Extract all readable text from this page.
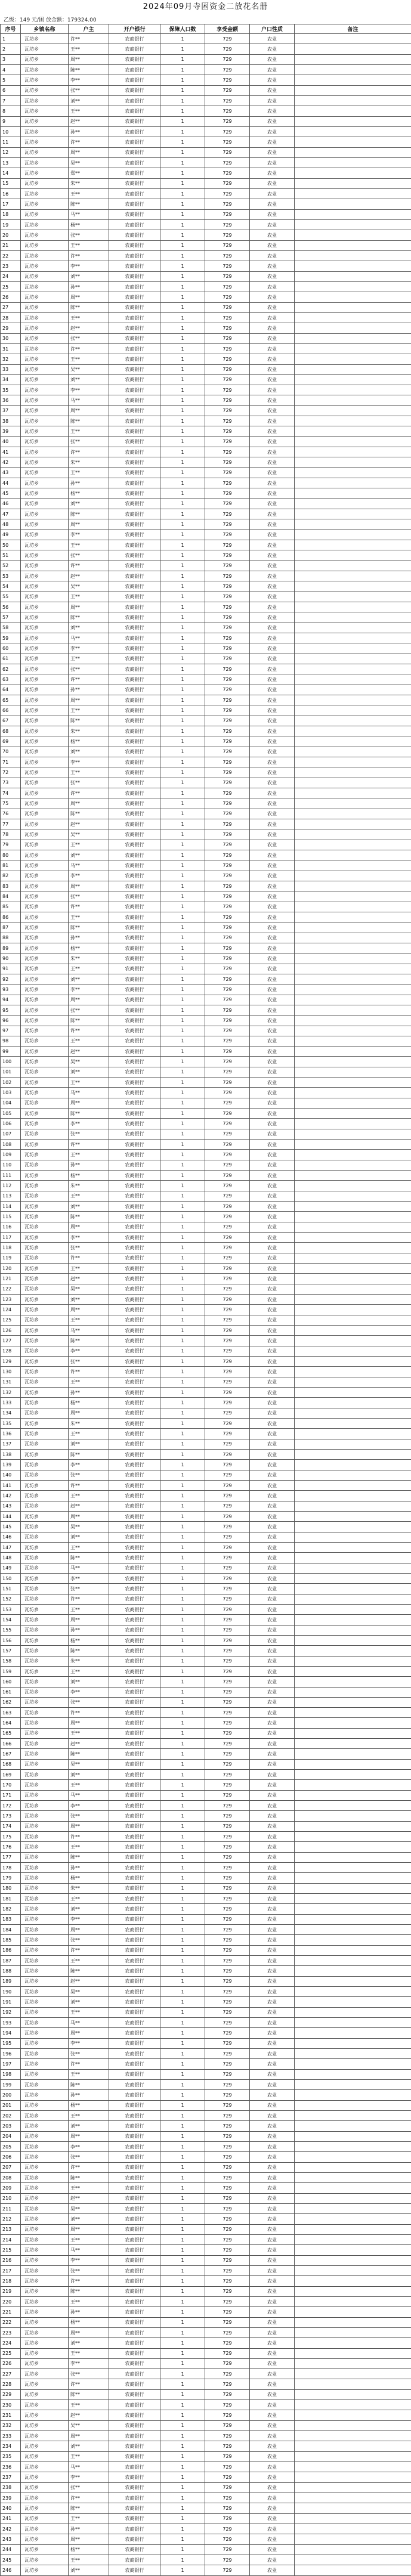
2024年09月寺困资金二放花名册
乙级：149 元/困 放金额：179324.00
序号	乡镇名称	户主	开户银行	保障人口数	享受金额	户口性质	备注
1	瓦坊乡	许**	农商银行	1	729	农业	
2	瓦坊乡	王**	农商银行	1	729	农业	
3	瓦坊乡	周**	农商银行	1	729	农业	
4	瓦坊乡	陈**	农商银行	1	729	农业	
5	瓦坊乡	李**	农商银行	1	729	农业	
6	瓦坊乡	张**	农商银行	1	729	农业	
7	瓦坊乡	刘**	农商银行	1	729	农业	
8	瓦坊乡	王**	农商银行	1	729	农业	
9	瓦坊乡	赵**	农商银行	1	729	农业	
10	瓦坊乡	孙**	农商银行	1	729	农业	
11	瓦坊乡	许**	农商银行	1	729	农业	
12	瓦坊乡	周**	农商银行	1	729	农业	
13	瓦坊乡	吴**	农商银行	1	729	农业	
14	瓦坊乡	郑**	农商银行	1	729	农业	
15	瓦坊乡	朱**	农商银行	1	729	农业	
16	瓦坊乡	王**	农商银行	1	729	农业	
17	瓦坊乡	陈**	农商银行	1	729	农业	
18	瓦坊乡	马**	农商银行	1	729	农业	
19	瓦坊乡	杨**	农商银行	1	729	农业	
20	瓦坊乡	张**	农商银行	1	729	农业	
21	瓦坊乡	王**	农商银行	1	729	农业	
22	瓦坊乡	许**	农商银行	1	729	农业	
23	瓦坊乡	李**	农商银行	1	729	农业	
24	瓦坊乡	刘**	农商银行	1	729	农业	
25	瓦坊乡	孙**	农商银行	1	729	农业	
26	瓦坊乡	周**	农商银行	1	729	农业	
27	瓦坊乡	陈**	农商银行	1	729	农业	
28	瓦坊乡	王**	农商银行	1	729	农业	
29	瓦坊乡	赵**	农商银行	1	729	农业	
30	瓦坊乡	张**	农商银行	1	729	农业	
31	瓦坊乡	许**	农商银行	1	729	农业	
32	瓦坊乡	王**	农商银行	1	729	农业	
33	瓦坊乡	吴**	农商银行	1	729	农业	
34	瓦坊乡	刘**	农商银行	1	729	农业	
35	瓦坊乡	李**	农商银行	1	729	农业	
36	瓦坊乡	马**	农商银行	1	729	农业	
37	瓦坊乡	周**	农商银行	1	729	农业	
38	瓦坊乡	陈**	农商银行	1	729	农业	
39	瓦坊乡	王**	农商银行	1	729	农业	
40	瓦坊乡	张**	农商银行	1	729	农业	
41	瓦坊乡	许**	农商银行	1	729	农业	
42	瓦坊乡	朱**	农商银行	1	729	农业	
43	瓦坊乡	王**	农商银行	1	729	农业	
44	瓦坊乡	孙**	农商银行	1	729	农业	
45	瓦坊乡	杨**	农商银行	1	729	农业	
46	瓦坊乡	刘**	农商银行	1	729	农业	
47	瓦坊乡	陈**	农商银行	1	729	农业	
48	瓦坊乡	周**	农商银行	1	729	农业	
49	瓦坊乡	李**	农商银行	1	729	农业	
50	瓦坊乡	王**	农商银行	1	729	农业	
51	瓦坊乡	张**	农商银行	1	729	农业	
52	瓦坊乡	许**	农商银行	1	729	农业	
53	瓦坊乡	赵**	农商银行	1	729	农业	
54	瓦坊乡	吴**	农商银行	1	729	农业	
55	瓦坊乡	王**	农商银行	1	729	农业	
56	瓦坊乡	周**	农商银行	1	729	农业	
57	瓦坊乡	陈**	农商银行	1	729	农业	
58	瓦坊乡	刘**	农商银行	1	729	农业	
59	瓦坊乡	马**	农商银行	1	729	农业	
60	瓦坊乡	李**	农商银行	1	729	农业	
61	瓦坊乡	王**	农商银行	1	729	农业	
62	瓦坊乡	张**	农商银行	1	729	农业	
63	瓦坊乡	许**	农商银行	1	729	农业	
64	瓦坊乡	孙**	农商银行	1	729	农业	
65	瓦坊乡	周**	农商银行	1	729	农业	
66	瓦坊乡	王**	农商银行	1	729	农业	
67	瓦坊乡	陈**	农商银行	1	729	农业	
68	瓦坊乡	朱**	农商银行	1	729	农业	
69	瓦坊乡	杨**	农商银行	1	729	农业	
70	瓦坊乡	刘**	农商银行	1	729	农业	
71	瓦坊乡	李**	农商银行	1	729	农业	
72	瓦坊乡	王**	农商银行	1	729	农业	
73	瓦坊乡	张**	农商银行	1	729	农业	
74	瓦坊乡	许**	农商银行	1	729	农业	
75	瓦坊乡	周**	农商银行	1	729	农业	
76	瓦坊乡	陈**	农商银行	1	729	农业	
77	瓦坊乡	赵**	农商银行	1	729	农业	
78	瓦坊乡	吴**	农商银行	1	729	农业	
79	瓦坊乡	王**	农商银行	1	729	农业	
80	瓦坊乡	刘**	农商银行	1	729	农业	
81	瓦坊乡	马**	农商银行	1	729	农业	
82	瓦坊乡	李**	农商银行	1	729	农业	
83	瓦坊乡	周**	农商银行	1	729	农业	
84	瓦坊乡	张**	农商银行	1	729	农业	
85	瓦坊乡	许**	农商银行	1	729	农业	
86	瓦坊乡	王**	农商银行	1	729	农业	
87	瓦坊乡	陈**	农商银行	1	729	农业	
88	瓦坊乡	孙**	农商银行	1	729	农业	
89	瓦坊乡	杨**	农商银行	1	729	农业	
90	瓦坊乡	朱**	农商银行	1	729	农业	
91	瓦坊乡	王**	农商银行	1	729	农业	
92	瓦坊乡	刘**	农商银行	1	729	农业	
93	瓦坊乡	李**	农商银行	1	729	农业	
94	瓦坊乡	周**	农商银行	1	729	农业	
95	瓦坊乡	张**	农商银行	1	729	农业	
96	瓦坊乡	陈**	农商银行	1	729	农业	
97	瓦坊乡	许**	农商银行	1	729	农业	
98	瓦坊乡	王**	农商银行	1	729	农业	
99	瓦坊乡	赵**	农商银行	1	729	农业	
100	瓦坊乡	吴**	农商银行	1	729	农业	
101	瓦坊乡	刘**	农商银行	1	729	农业	
102	瓦坊乡	王**	农商银行	1	729	农业	
103	瓦坊乡	马**	农商银行	1	729	农业	
104	瓦坊乡	周**	农商银行	1	729	农业	
105	瓦坊乡	陈**	农商银行	1	729	农业	
106	瓦坊乡	李**	农商银行	1	729	农业	
107	瓦坊乡	张**	农商银行	1	729	农业	
108	瓦坊乡	许**	农商银行	1	729	农业	
109	瓦坊乡	王**	农商银行	1	729	农业	
110	瓦坊乡	孙**	农商银行	1	729	农业	
111	瓦坊乡	杨**	农商银行	1	729	农业	
112	瓦坊乡	朱**	农商银行	1	729	农业	
113	瓦坊乡	王**	农商银行	1	729	农业	
114	瓦坊乡	刘**	农商银行	1	729	农业	
115	瓦坊乡	陈**	农商银行	1	729	农业	
116	瓦坊乡	周**	农商银行	1	729	农业	
117	瓦坊乡	李**	农商银行	1	729	农业	
118	瓦坊乡	张**	农商银行	1	729	农业	
119	瓦坊乡	许**	农商银行	1	729	农业	
120	瓦坊乡	王**	农商银行	1	729	农业	
121	瓦坊乡	赵**	农商银行	1	729	农业	
122	瓦坊乡	吴**	农商银行	1	729	农业	
123	瓦坊乡	刘**	农商银行	1	729	农业	
124	瓦坊乡	周**	农商银行	1	729	农业	
125	瓦坊乡	王**	农商银行	1	729	农业	
126	瓦坊乡	马**	农商银行	1	729	农业	
127	瓦坊乡	陈**	农商银行	1	729	农业	
128	瓦坊乡	李**	农商银行	1	729	农业	
129	瓦坊乡	张**	农商银行	1	729	农业	
130	瓦坊乡	许**	农商银行	1	729	农业	
131	瓦坊乡	王**	农商银行	1	729	农业	
132	瓦坊乡	孙**	农商银行	1	729	农业	
133	瓦坊乡	杨**	农商银行	1	729	农业	
134	瓦坊乡	周**	农商银行	1	729	农业	
135	瓦坊乡	朱**	农商银行	1	729	农业	
136	瓦坊乡	王**	农商银行	1	729	农业	
137	瓦坊乡	刘**	农商银行	1	729	农业	
138	瓦坊乡	陈**	农商银行	1	729	农业	
139	瓦坊乡	李**	农商银行	1	729	农业	
140	瓦坊乡	张**	农商银行	1	729	农业	
141	瓦坊乡	许**	农商银行	1	729	农业	
142	瓦坊乡	王**	农商银行	1	729	农业	
143	瓦坊乡	赵**	农商银行	1	729	农业	
144	瓦坊乡	周**	农商银行	1	729	农业	
145	瓦坊乡	吴**	农商银行	1	729	农业	
146	瓦坊乡	刘**	农商银行	1	729	农业	
147	瓦坊乡	王**	农商银行	1	729	农业	
148	瓦坊乡	陈**	农商银行	1	729	农业	
149	瓦坊乡	马**	农商银行	1	729	农业	
150	瓦坊乡	李**	农商银行	1	729	农业	
151	瓦坊乡	张**	农商银行	1	729	农业	
152	瓦坊乡	许**	农商银行	1	729	农业	
153	瓦坊乡	王**	农商银行	1	729	农业	
154	瓦坊乡	周**	农商银行	1	729	农业	
155	瓦坊乡	孙**	农商银行	1	729	农业	
156	瓦坊乡	杨**	农商银行	1	729	农业	
157	瓦坊乡	陈**	农商银行	1	729	农业	
158	瓦坊乡	朱**	农商银行	1	729	农业	
159	瓦坊乡	王**	农商银行	1	729	农业	
160	瓦坊乡	刘**	农商银行	1	729	农业	
161	瓦坊乡	李**	农商银行	1	729	农业	
162	瓦坊乡	张**	农商银行	1	729	农业	
163	瓦坊乡	许**	农商银行	1	729	农业	
164	瓦坊乡	周**	农商银行	1	729	农业	
165	瓦坊乡	王**	农商银行	1	729	农业	
166	瓦坊乡	赵**	农商银行	1	729	农业	
167	瓦坊乡	陈**	农商银行	1	729	农业	
168	瓦坊乡	吴**	农商银行	1	729	农业	
169	瓦坊乡	刘**	农商银行	1	729	农业	
170	瓦坊乡	王**	农商银行	1	729	农业	
171	瓦坊乡	马**	农商银行	1	729	农业	
172	瓦坊乡	李**	农商银行	1	729	农业	
173	瓦坊乡	张**	农商银行	1	729	农业	
174	瓦坊乡	周**	农商银行	1	729	农业	
175	瓦坊乡	许**	农商银行	1	729	农业	
176	瓦坊乡	王**	农商银行	1	729	农业	
177	瓦坊乡	陈**	农商银行	1	729	农业	
178	瓦坊乡	孙**	农商银行	1	729	农业	
179	瓦坊乡	杨**	农商银行	1	729	农业	
180	瓦坊乡	朱**	农商银行	1	729	农业	
181	瓦坊乡	王**	农商银行	1	729	农业	
182	瓦坊乡	刘**	农商银行	1	729	农业	
183	瓦坊乡	李**	农商银行	1	729	农业	
184	瓦坊乡	周**	农商银行	1	729	农业	
185	瓦坊乡	张**	农商银行	1	729	农业	
186	瓦坊乡	许**	农商银行	1	729	农业	
187	瓦坊乡	王**	农商银行	1	729	农业	
188	瓦坊乡	陈**	农商银行	1	729	农业	
189	瓦坊乡	赵**	农商银行	1	729	农业	
190	瓦坊乡	吴**	农商银行	1	729	农业	
191	瓦坊乡	刘**	农商银行	1	729	农业	
192	瓦坊乡	王**	农商银行	1	729	农业	
193	瓦坊乡	马**	农商银行	1	729	农业	
194	瓦坊乡	周**	农商银行	1	729	农业	
195	瓦坊乡	李**	农商银行	1	729	农业	
196	瓦坊乡	张**	农商银行	1	729	农业	
197	瓦坊乡	许**	农商银行	1	729	农业	
198	瓦坊乡	王**	农商银行	1	729	农业	
199	瓦坊乡	陈**	农商银行	1	729	农业	
200	瓦坊乡	孙**	农商银行	1	729	农业	
201	瓦坊乡	杨**	农商银行	1	729	农业	
202	瓦坊乡	王**	农商银行	1	729	农业	
203	瓦坊乡	刘**	农商银行	1	729	农业	
204	瓦坊乡	周**	农商银行	1	729	农业	
205	瓦坊乡	李**	农商银行	1	729	农业	
206	瓦坊乡	张**	农商银行	1	729	农业	
207	瓦坊乡	许**	农商银行	1	729	农业	
208	瓦坊乡	陈**	农商银行	1	729	农业	
209	瓦坊乡	王**	农商银行	1	729	农业	
210	瓦坊乡	赵**	农商银行	1	729	农业	
211	瓦坊乡	吴**	农商银行	1	729	农业	
212	瓦坊乡	刘**	农商银行	1	729	农业	
213	瓦坊乡	周**	农商银行	1	729	农业	
214	瓦坊乡	王**	农商银行	1	729	农业	
215	瓦坊乡	马**	农商银行	1	729	农业	
216	瓦坊乡	李**	农商银行	1	729	农业	
217	瓦坊乡	张**	农商银行	1	729	农业	
218	瓦坊乡	许**	农商银行	1	729	农业	
219	瓦坊乡	陈**	农商银行	1	729	农业	
220	瓦坊乡	王**	农商银行	1	729	农业	
221	瓦坊乡	孙**	农商银行	1	729	农业	
222	瓦坊乡	杨**	农商银行	1	729	农业	
223	瓦坊乡	周**	农商银行	1	729	农业	
224	瓦坊乡	刘**	农商银行	1	729	农业	
225	瓦坊乡	王**	农商银行	1	729	农业	
226	瓦坊乡	李**	农商银行	1	729	农业	
227	瓦坊乡	张**	农商银行	1	729	农业	
228	瓦坊乡	许**	农商银行	1	729	农业	
229	瓦坊乡	陈**	农商银行	1	729	农业	
230	瓦坊乡	王**	农商银行	1	729	农业	
231	瓦坊乡	赵**	农商银行	1	729	农业	
232	瓦坊乡	吴**	农商银行	1	729	农业	
233	瓦坊乡	周**	农商银行	1	729	农业	
234	瓦坊乡	刘**	农商银行	1	729	农业	
235	瓦坊乡	王**	农商银行	1	729	农业	
236	瓦坊乡	马**	农商银行	1	729	农业	
237	瓦坊乡	李**	农商银行	1	729	农业	
238	瓦坊乡	张**	农商银行	1	729	农业	
239	瓦坊乡	许**	农商银行	1	729	农业	
240	瓦坊乡	陈**	农商银行	1	729	农业	
241	瓦坊乡	王**	农商银行	1	729	农业	
242	瓦坊乡	孙**	农商银行	1	729	农业	
243	瓦坊乡	周**	农商银行	1	729	农业	
244	瓦坊乡	杨**	农商银行	1	729	农业	
245	瓦坊乡	王**	农商银行	1	729	农业	
246	瓦坊乡	刘**	农商银行	1	729	农业	
